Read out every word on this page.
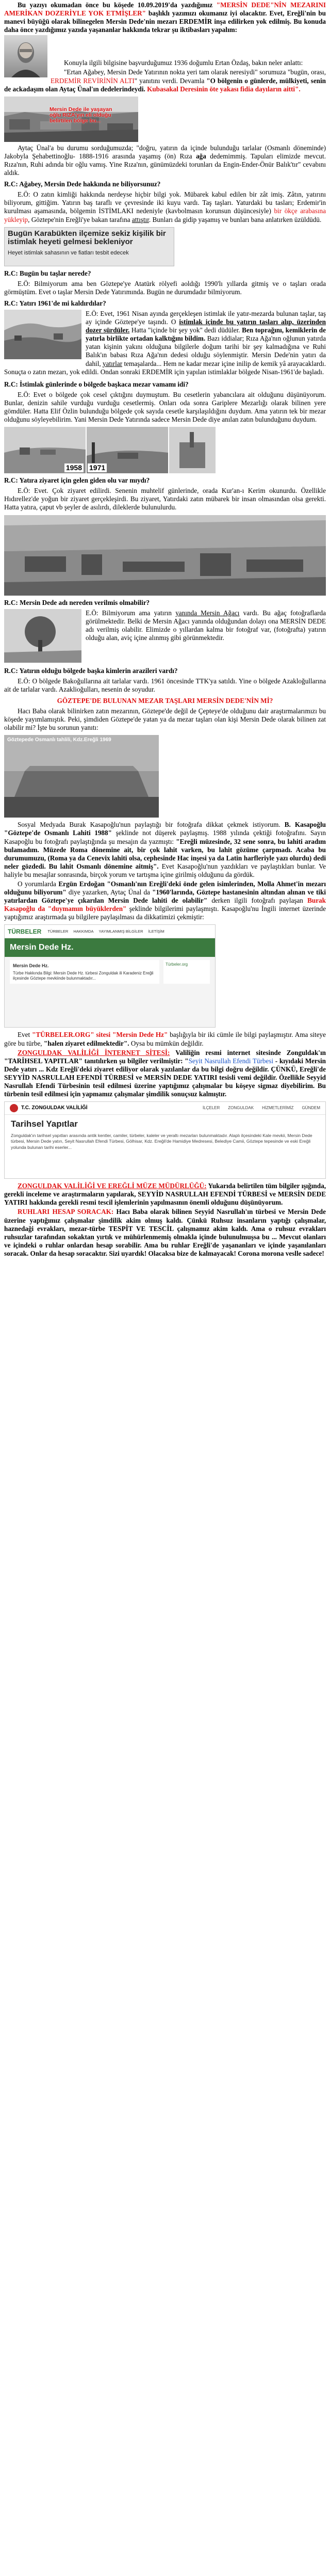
Bu yazıyı okumadan önce bu köşede 10.09.2019'da yazdığımız "MERSİN DEDE"NİN MEZARINI AMERİKAN DOZERİYLE YOK ETMİŞLER" başlıklı yazımızı okumanız iyi olacaktır. Evet, Ereğli'nin bu manevi büyüğü olarak bilinegelen Mersin Dede'nin mezarı ERDEMİR inşa edilirken yok edilmiş. Bu konuda daha önce yazdığımız yazıda yaşananlar hakkında tekrar şu iktibasları yapalım:

Konuyla ilgili bilgisine başvurduğumuz 1936 doğumlu Ertan Özdaş, bakın neler anlattı:

"Ertan Ağabey, Mersin Dede Yatırının nokta yeri tam olarak neresiydi" sorumuza "bugün, orası, ERDEMİR REVİRİNİN ALTI" yanıtını verdi. Devamla "O bölgenin o günlerde, mülkiyeti, senin de ackadaşım olan Aytaç Ünal'ın dedelerindeydi. Kubasakal Deresinin öte yakası fidia dayıların aitti".

Mersin Dede ile yaşayan
oğlu RIZA'yın eli olduğu
belirtilen bölge bu...

Aytaç Ünal'a bu durumu sorduğumuzda; "doğru, yatırın da içinde bulunduğu tarlalar (Osmanlı döneminde) Jakobyla Şehabettinoğlu- 1888-1916 arasında yaşamış (ön) Rıza ağa dedemimmiş. Tapuları elimizde mevcut. Rıza'nın, Ruhi adında bir oğlu vamış. Yine Rıza'nın, günümüzdeki torunları da Engin-Ender-Önür Balık'tır" cevabını aldık.

R.C: Ağabey, Mersin Dede hakkında ne biliyorsunuz?

E.Ö: O zatın kimliği hakkında nerdeyse hiçbir bilgi yok. Mübarek kabul edilen bir zât imiş. Zâtın, yatırını biliyorum, gittiğim. Yatırın baş taraflı ve çevresinde iki kuyu vardı. Taş taşları. Yaturdaki bu tasları; Erdemir'in kurulması aşamasında, bölgemin İSTİMLAKI nedeniyle (kavbolmasın korunsun düşüncesiyle) bir ökçe arabasına yükleyip, Göztepe'nin Ereğli'ye bakan tarafına attıştır. Bunları da gidip yaşamış ve bunları bana anlatırken üzüldüdü.

Bugün Karabükten ilçemize sekiz kişilik bir
istimlak heyeti gelmesi bekleniyor
Heyet istimlak sahasının ve fiatları tesbit edecek

R.C: Bugün bu taşlar nerede?

E.Ö: Bilmiyorum ama ben Göztepe'ye Atatürk rölyefi aoldığı 1990'lı yıllarda gitmiş ve o taşları orada görmüştüm. Evet o taşlar Mersin Dede Yatırımında. Bugün ne durumdadır bilmiyorum.

R.C: Yatırı 1961'de mi kaldırdılar?

E.Ö: Evet, 1961 Nisan ayında gerçekleşen istimlak ile yatır-mezarda bulunan taşlar, taş ay içinde Göztepe'ye taşındı. O istimlak içinde bu yatırın tasları alıp, üzerinden dozer sürdüler. Hatta "içinde bir şey yok" dedi düdüler. Ben toprağını, kemiklerin de yatırla birlikte ortadan kalktığını bildim. Bazı iddialar; Rıza Ağa'nın oğlunun yatırda yatan kişinin yakını olduğuna bilgilerle doğum tarihi bir şey kalmadığına ve Ruhi Balık'ın babası Rıza Ağa'nın dedesi olduğu söylenmiştir. Mersin Dede'nin yatırı da dahil, yatırlar temaşalarda... Hem ne kadar mezar içine inilip de kemik yâ arayacaklardı. Sonuçta o zatın mezarı, yok edildi. Ondan sonraki ERDEMİR için yapılan istimlaklar bölgede Nisan-1961'de başladı.

R.C: İstimlak günlerinde o bölgede başkaca mezar vamamı idi?

E.Ö: Evet o bölgede çok cesel çıktığını duymuştum. Bu cesetlerin yabancılara ait olduğunu düşünüyorum. Bunlar, denizin sahile vurduğu vurduğu cesetlermiş. Onları oda sonra Gariplere Mezarlığı olarak bilinen yere gömdüler. Hatta Elif Özlin bulunduğu bölgede çok sayıda cesetle karşılaşıldığını duydum. Ama yatırın tek bir mezar olduğunu söyleyebilirim. Yani Mersin Dede Yatırında sadece Mersin Dede diye anılan zatın bulunduğunu duydum.

1958 1971

R.C: Yatıra ziyaret için gelen giden olu var mıydı?

E.Ö: Evet. Çok ziyaret edilirdi. Senenin muhtelif günlerinde, orada Kur'an-ı Kerim okunurdu. Özellikle Hıdırellez'de yoğun bir ziyaret gerçekleşirdi. Bu ziyaret, Yatırdaki zatın mübarek bir insan olmasından olsa gerekti. Hatta yatıra, çaput vb şeyler de asılırdı, dileklerde bulunulurdu.

R.C: Mersin Dede adı nereden verilmis olmabilir?

E.Ö: Bilmiyorum ama yatırın yanında Mersin Ağacı vardı. Bu ağaç fotoğraflarda görülmektedir. Belki de Mersin Ağacı yanında olduğundan dolayı ona MERSİN DEDE adı verilmiş olabilir. Elimizde o yıllardan kalma bir fotoğraf var, (fotoğrafta) yatırın olduğu alan, aviç içine alınmış gibi görünmektedir.

R.C: Yatırın olduğu bölgede başka kimlerin arazileri vardı?

E.Ö: O bölgede Bakoğullarına ait tarlalar vardı. 1961 öncesinde TTK'ya satıldı. Yine o bölgede Azakloğullarına ait de tarlalar vardı. Azaklioğulları, nesenin de soyudur.

GÖZTEPE'DE BULUNAN MEZAR TAŞLARI MERSİN DEDE'NİN Mİ?

Hacı Baba olarak bilinirken zatın mezarının, Göztepe'de değil de Çepteye'de olduğunu dair araştırmalarımızı bu köşede yayımlamıştık. Peki, şimdiden Göztepe'de yatan ya da mezar taşları olan kişi Mersin Dede olarak bilinen zat olabilir mi? İşte bu sorunun yanıtı:

Göztepede Osmanlı tahlili, Kdz.Ereğli 1969

Sosyal Medyada Burak Kasapoğlu'nun paylaştığı bir fotoğrafa dikkat çekmek istiyorum. B. Kasapoğlu "Göztepe'de Osmanlı Lahiti 1988" şeklinde not düşerek paylaşmış. 1988 yılında çektiği fotoğrafını. Sayın Kasapoğlu bu fotoğrafı paylaştığında şu mesajın da yazmıştı: "Ereğli müzesinde, 32 sene sonra, bu lahiti aradım bulamadım. Müzede Roma dönemine ait, bir çok lahit varken, bu lahit gözüme çarpmadı. Acaba bu durumumuzu, (Roma ya da Cenevix lahiti olsa, cephesinde Hac inşesi ya da Latin harfleriyle yazı olurdu) dedi neler gözdedi. Bu lahit Osmanlı dönemine aitmiş". Evet Kasapoğlu'nun yazdıkları ve paylaştıkları bunlar. Ve haliyle bu mesajlar sonrasında, birçok yorum ve tartışma içine girilmiş olduğunu da gördük.

O yorumlarda Ergün Erdoğan "Osmanlı'nın Ereğli'deki önde gelen isimlerinden, Molla Ahmet'in mezarı olduğunu biliyorum" diye yazarken, Aytaç Ünal da "1960'larında, Göztepe hastanesinin altından alınan ve tiki yatırlardan Göztepe'ye çıkarılan Mersin Dede lahiti de olabilir" derken ilgili fotoğrafı paylaşan Burak Kasapoğlu da "duymamın büyüklerden" şeklinde bilgilerimi paylaşmıştı. Kasapoğlu'nu İngili internet üzerinde yaptığımız araştırmada şu bilgilere paylaşılması da dikkatimizi çekmiştir:

TÜRBELER TÜRBELER HAKKIMDA YAYIMLANMIŞ BİLGİLER İLETİŞİM
Mersin Dede Hz.
Mersin Dede Hz.
Türbe Hakkında Bilgi: Mersin Dede Hz. türbesi Zonguldak ili Karadeniz Ereğli ilçesinde Göztepe mevkiinde bulunmaktadır...
Türbeler.org

Evet "TÜRBELER.ORG" sitesi "Mersin Dede Hz" başlığıyla bir iki cümle ile bilgi paylaşmıştır. Ama siteye göre bu türbe, "halen ziyaret edilmektedir". Oysa bu mümkün değildir.

ZONGULDAK VALİLİĞİ İNTERNET SİTESİ: Valiliğin resmi internet sitesinde Zonguldak'ın "TARİHSEL YAPITLAR" tanıtılırken şu bilgiler verilmiştir: "Seyit Nasrullah Efendi Türbesi - kıyıdaki Mersin Dede yatırı ... Kdz Ereğli'deki ziyaret ediliyor olarak yazılanlar da bu bilgi doğru değildir. ÇÜNKÜ, Ereğli'de SEYYİD NASRULLAH EFENDİ TÜRBESİ ve MERSİN DEDE YATIRI tesisli vemi değildir. Özellikle Seyyid Nasrullah Efendi Türbesinin tesil edilmesi üzerine yaptığımız çalışmalar bu köşeye sigmaz diyebilirim. Bu türbenin tesil edilmesi için yapmamız çalışmalar şimdilik sonuçsuz kalmıştır.

T.C. ZONGULDAK VALİLİĞİ	İLÇELER ZONGULDAK HİZMETLERİMİZ GÜNDEM
Tarihsel Yapıtlar
Zonguldak'ın tarihsel yapıtları arasında antik kentler, camiler, türbeler, kaleler ve yeraltı mezarları bulunmaktadır. Alaplı ilçesindeki Kale mevkii, Mersin Dede türbesi, Mersin Dede yatırı, Seyit Nasrullah Efendi Türbesi, Gölhisar, Kdz. Ereğli'de Hamidiye Medresesi, Belediye Camii, Göztepe tepesinde ve eski Ereğli yolunda bulunan tarihi eserler...

ZONGULDAK VALİLİĞİ VE EREĞLİ MÜZE MÜDÜRLÜĞÜ: Yukarıda belirtilen tüm bilgiler ışığında, gerekli inceleme ve araştırmaların yapılarak, SEYYİD NASRULLAH EFENDİ TÜRBESİ ve MERSİN DEDE YATIRI hakkında gerekli resmi tescil işlemlerinin yapılmasının önemli olduğunu düşünüyorum.

RUHLARI HESAP SORACAK: Hacı Baba olarak bilinen Seyyid Nasrullah'ın türbesi ve Mersin Dede üzerine yaptığımız çalışmalar şimdilik akim olmuş kaldı. Çünkü Ruhsuz insanların yaptığı çalışmalar, haznedaği evrakları, mezar-türbe TESPİT VE TESCİL çalışmamız akim kaldı. Ama o ruhsuz evrakları ruhsuzlar tarafından sokaktan yırtık ve mühürlenmemiş olmakla içinde bulunulmuşsa bu ... Mevcut olanları ve içindeki o ruhlar onlardan hesap sorabilir. Ama bu ruhlar Ereğli'de yaşananları ve içinde yaşanılanları soracak. Onlar da hesap soracaktır. Sizi uyardık! Olacaksa bize de kalmayacak! Corona morona veslle sadece!
